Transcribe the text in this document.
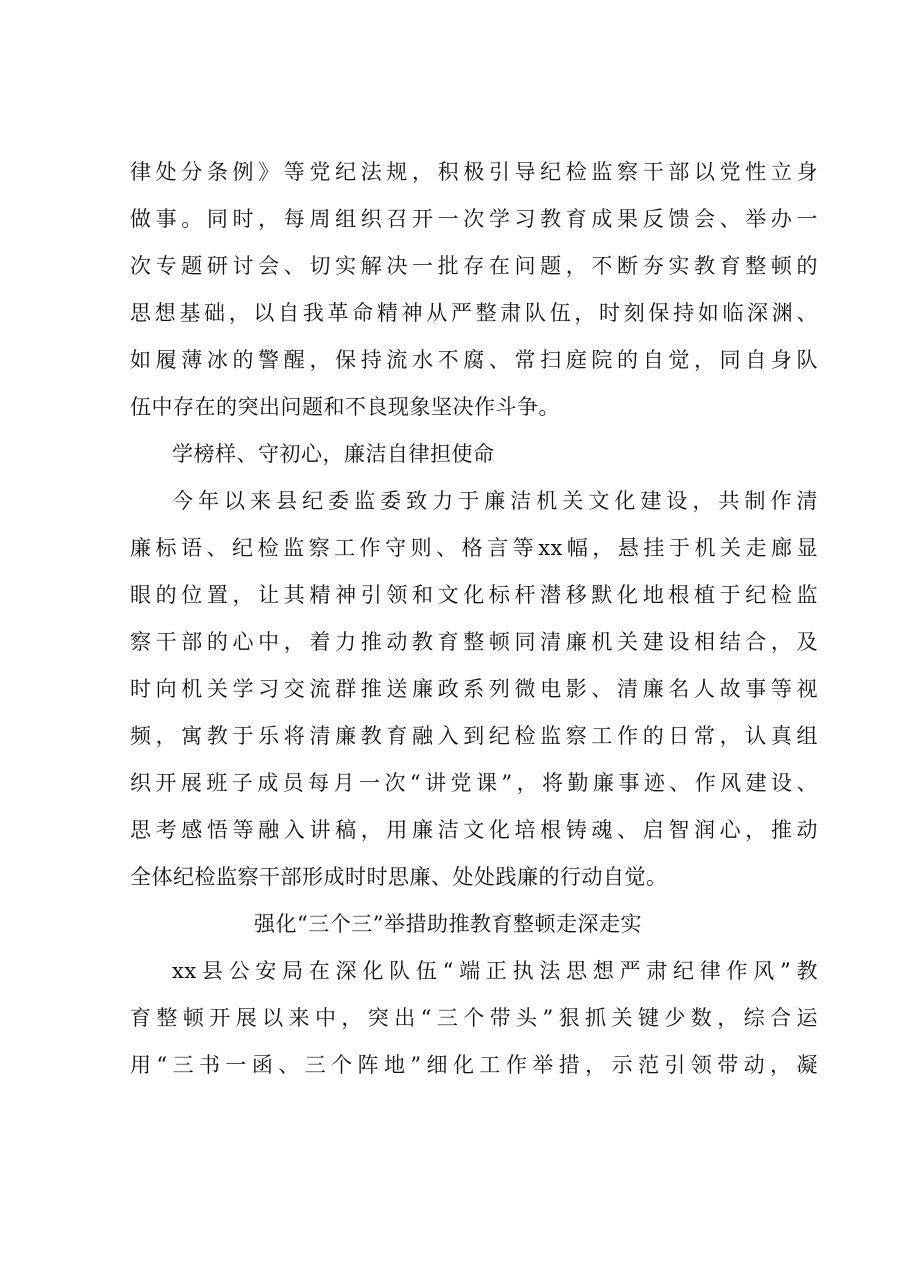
律处分条例》等党纪法规，积极引导纪检监察干部以党性立身
做事。同时，每周组织召开一次学习教育成果反馈会、举办一
次专题研讨会、切实解决一批存在问题，不断夯实教育整顿的
思想基础，以自我革命精神从严整肃队伍，时刻保持如临深渊、
如履薄冰的警醒，保持流水不腐、常扫庭院的自觉，同自身队
伍中存在的突出问题和不良现象坚决作斗争。
学榜样、守初心，廉洁自律担使命
今年以来县纪委监委致力于廉洁机关文化建设，共制作清
廉标语、纪检监察工作守则、格言等xx幅，悬挂于机关走廊显
眼的位置，让其精神引领和文化标杆潜移默化地根植于纪检监
察干部的心中，着力推动教育整顿同清廉机关建设相结合，及
时向机关学习交流群推送廉政系列微电影、清廉名人故事等视
频，寓教于乐将清廉教育融入到纪检监察工作的日常，认真组
织开展班子成员每月一次“讲党课”，将勤廉事迹、作风建设、
思考感悟等融入讲稿，用廉洁文化培根铸魂、启智润心，推动
全体纪检监察干部形成时时思廉、处处践廉的行动自觉。
强化“三个三”举措助推教育整顿走深走实
xx县公安局在深化队伍“端正执法思想严肃纪律作风”教
育整顿开展以来中，突出“三个带头”狠抓关键少数，综合运
用“三书一函、三个阵地”细化工作举措，示范引领带动，凝
